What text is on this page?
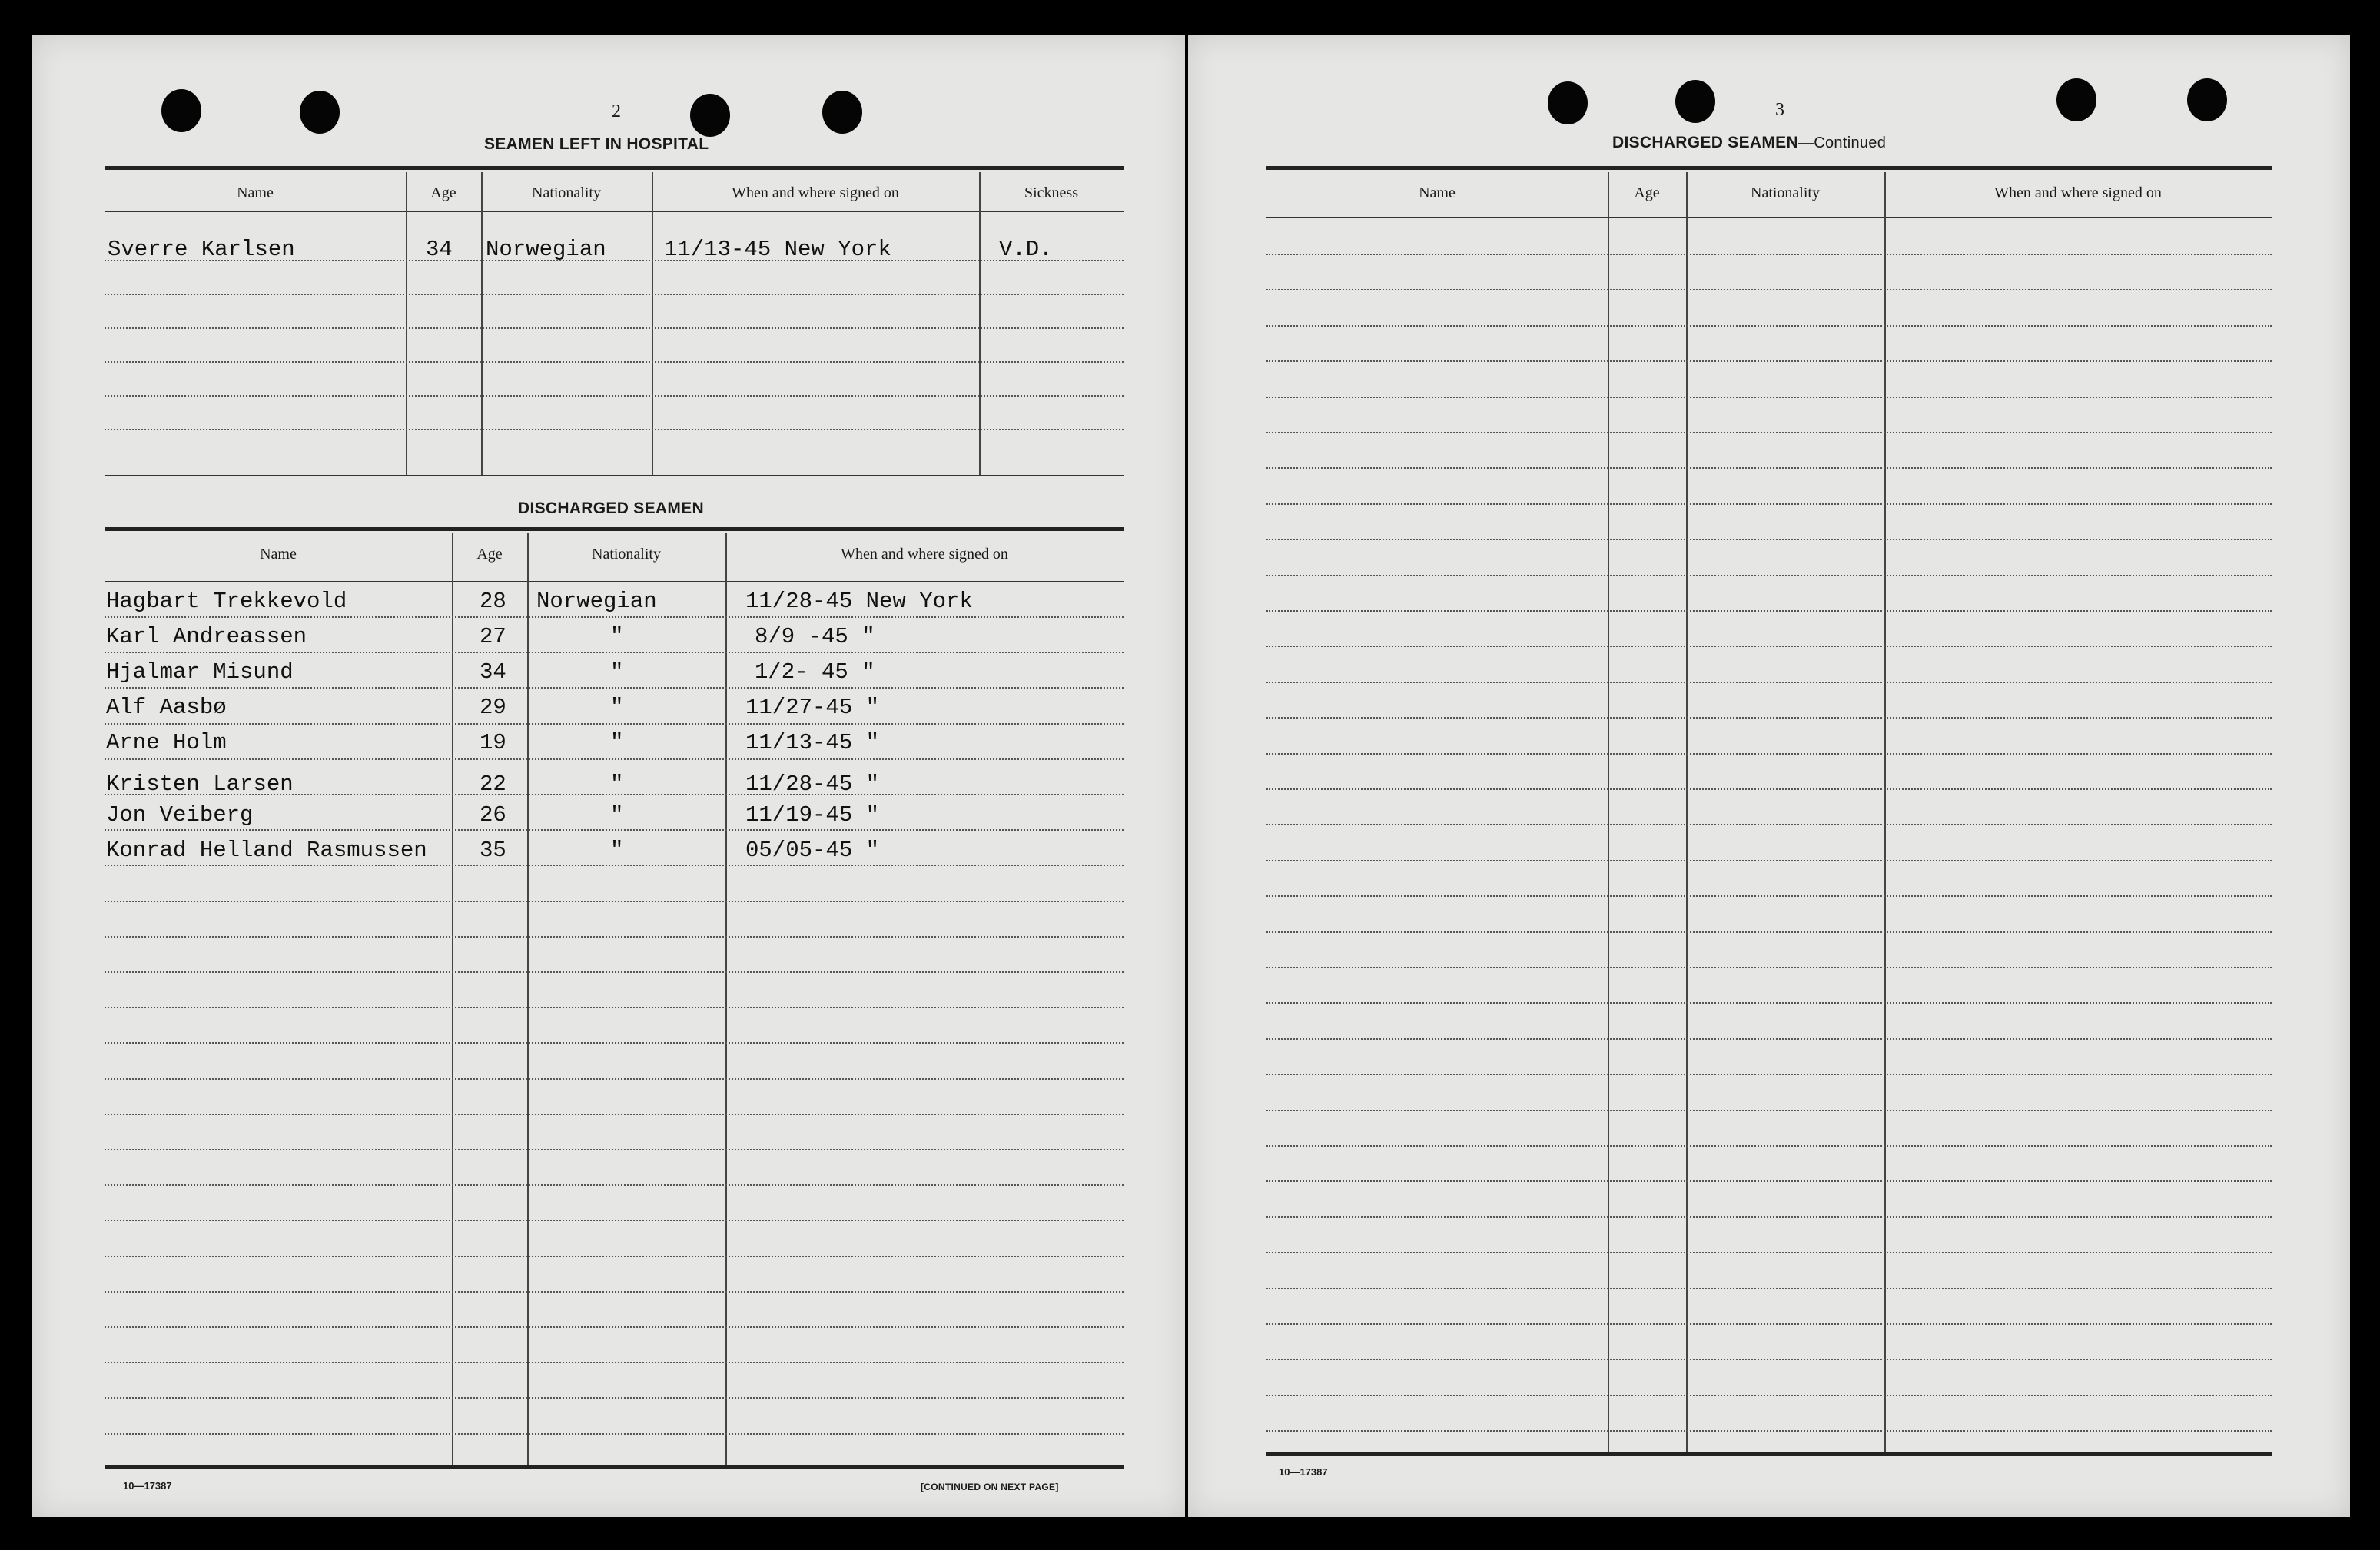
2
SEAMEN LEFT IN HOSPITAL
Name	Age	Nationality	When and where signed on	Sickness
Sverre Karlsen	34 Norwegian	11/13-45 New York	V.D.
DISCHARGED SEAMEN
Name	Age	Nationality	When and where signed on
Hagbart Trekkevold	28 Norwegian	11/28-45 New York
Karl Andreassen	27	"	8/9 -45 "
Hjalmar Misund	34	"	1/2- 45 "
Alf Aasbø	29	"	11/27-45 "
Arne Holm	19	"	11/13-45 "
Kristen Larsen	22	"	11/28-45 "
Jon Veiberg	26	"	11/19-45 "
Konrad Helland Rasmussen 35	"	05/05-45 "
10—17387	[CONTINUED ON NEXT PAGE]
3
DISCHARGED SEAMEN—Continued
Name	Age	Nationality	When and where signed on
10—17387
